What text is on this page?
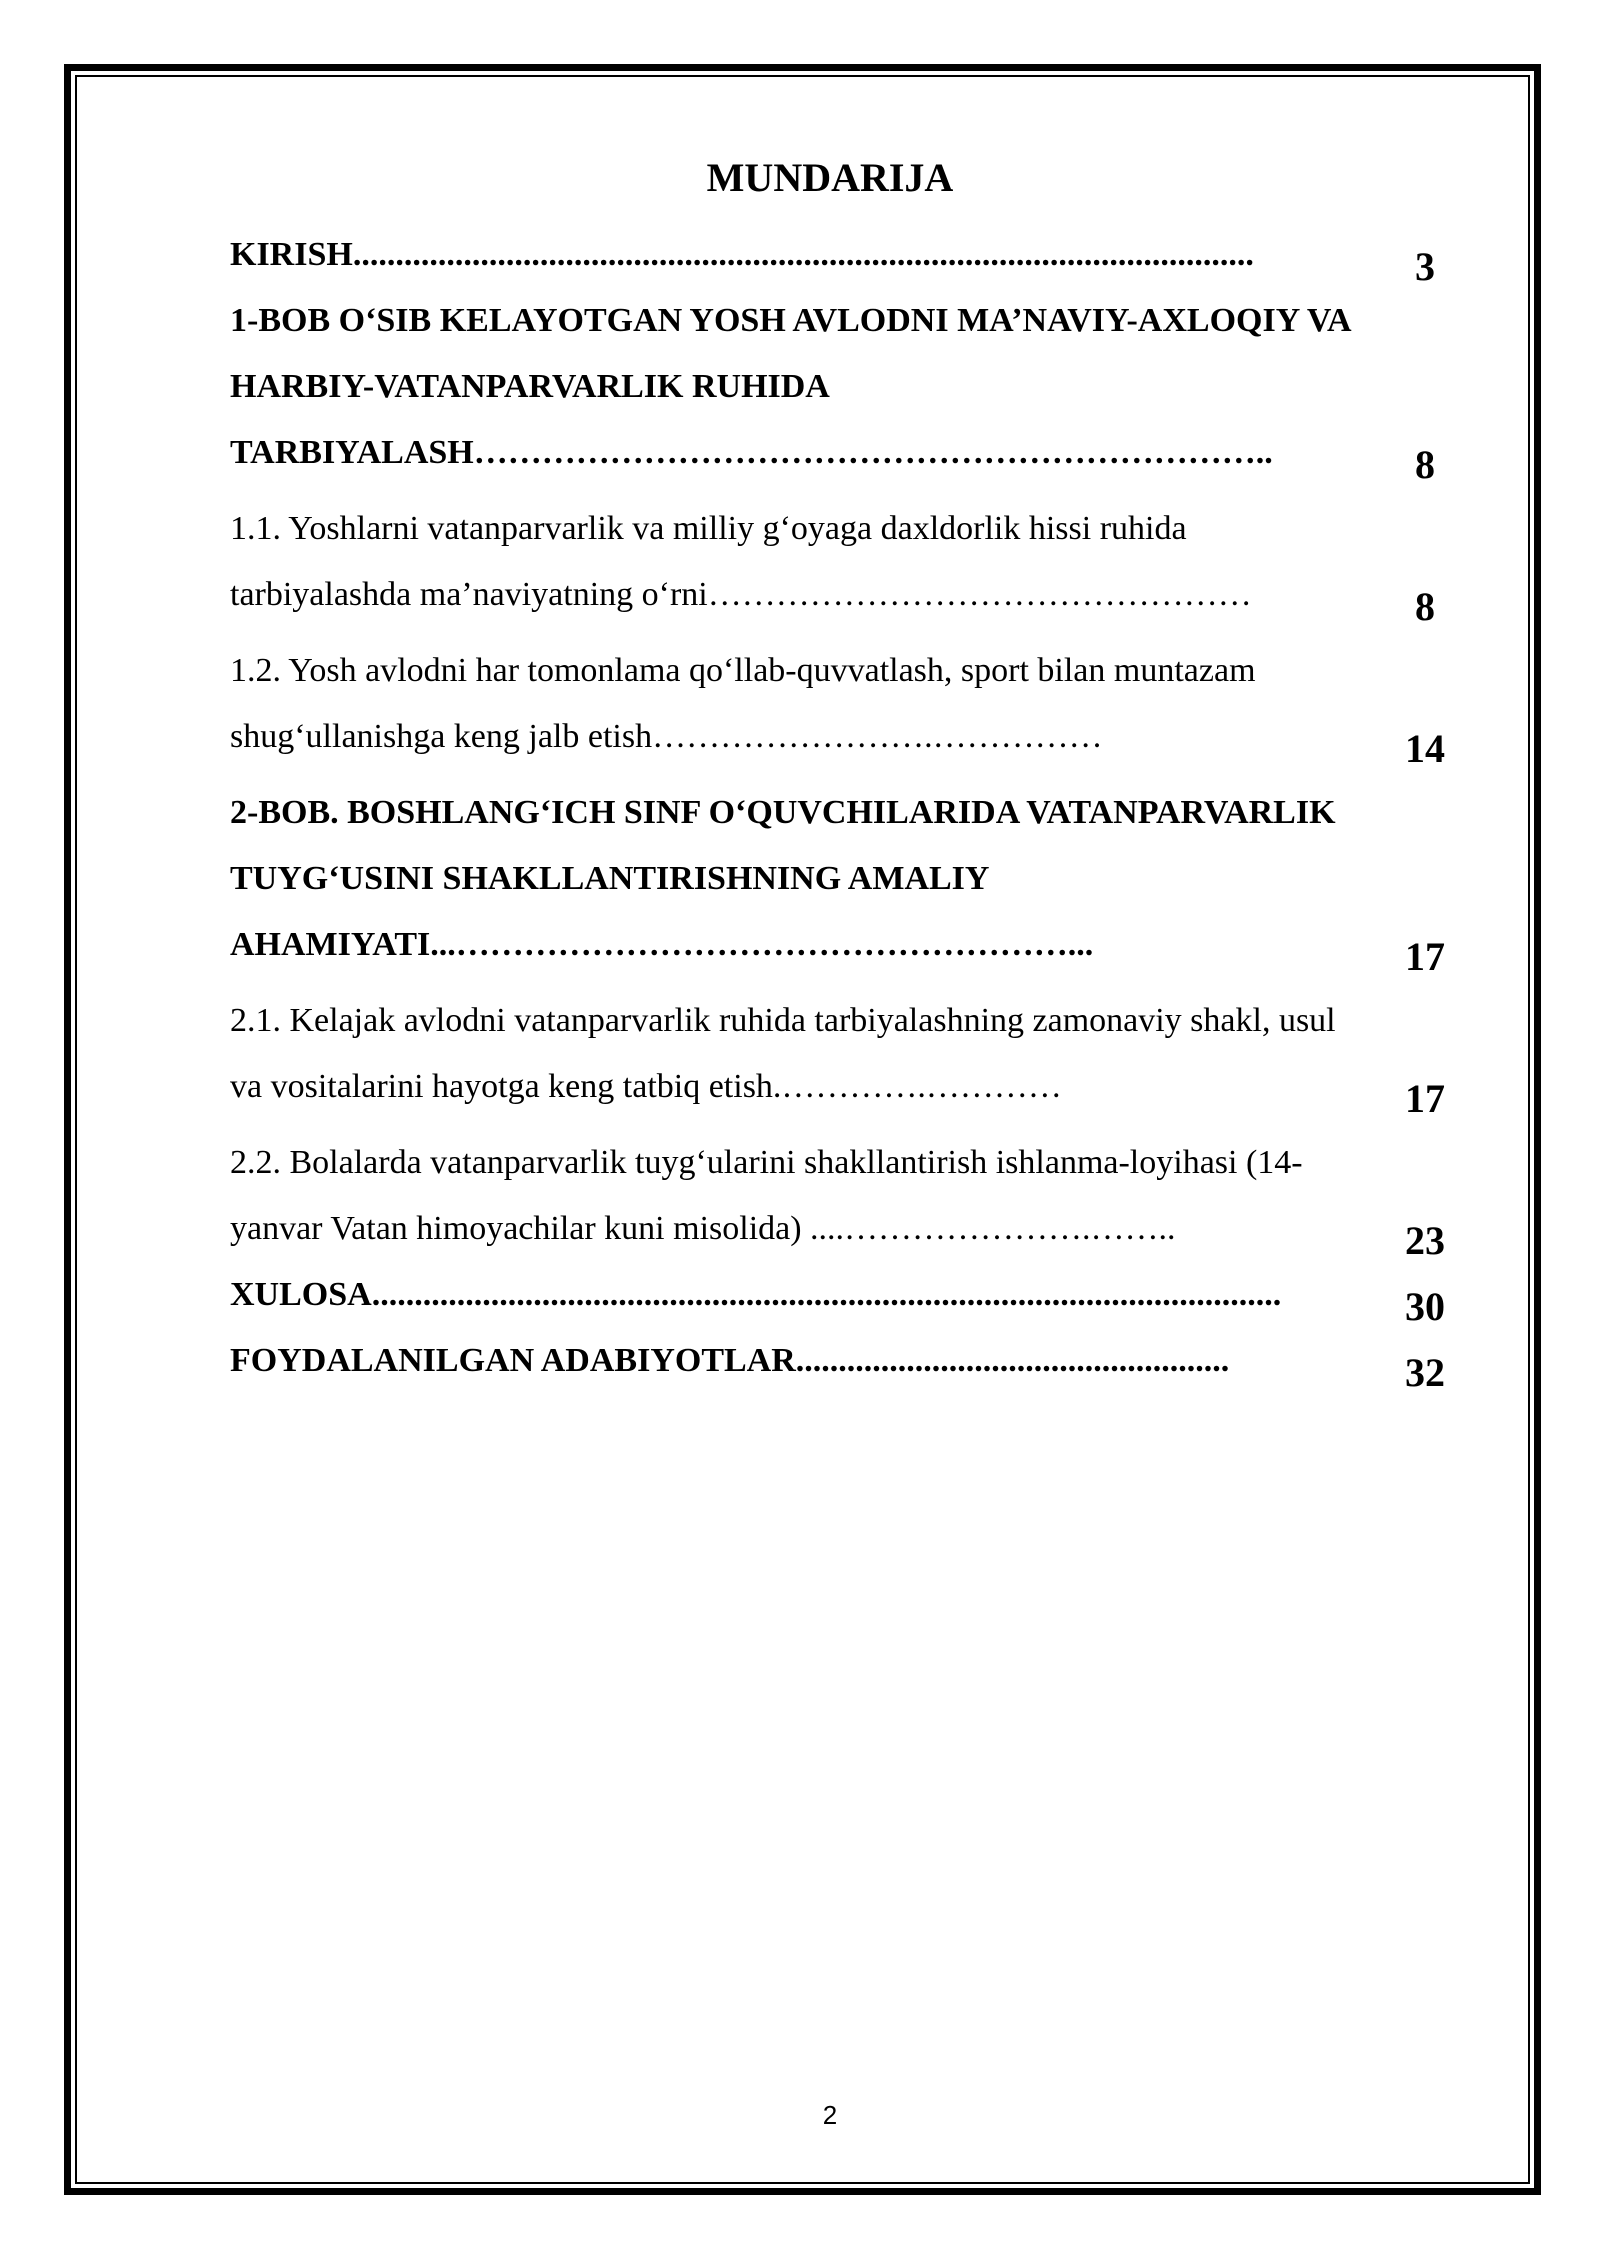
MUNDARIJA
KIRISH..........................................................................................................	3
1-BOB O‘SIB KELAYOTGAN YOSH AVLODNI MA’NAVIY-AXLOQIY VA HARBIY-VATANPARVARLIK RUHIDA TARBIYALASH……………………………………………………………..	8
1.1. Yoshlarni vatanparvarlik va milliy g‘oyaga daxldorlik hissi ruhida tarbiyalashda ma’naviyatning o‘rni…………………………………………	8
1.2. Yosh avlodni har tomonlama qo‘llab-quvvatlash, sport bilan muntazam shug‘ullanishga keng jalb etish…………………….……………	14
2-BOB. BOSHLANG‘ICH SINF O‘QUVCHILARIDA VATANPARVARLIK TUYG‘USINI SHAKLLANTIRISHNING AMALIY AHAMIYATI...………………………………………………...	17
2.1. Kelajak avlodni vatanparvarlik ruhida tarbiyalashning zamonaviy shakl, usul va vositalarini hayotga keng tatbiq etish.………….…………	17
2.2. Bolalarda vatanparvarlik tuyg‘ularini shakllantirish ishlanma-loyihasi (14-yanvar Vatan himoyachilar kuni misolida) ....………………….……..	23
XULOSA...........................................................................................................	30
FOYDALANILGAN ADABIYOTLAR...................................................	32
2
